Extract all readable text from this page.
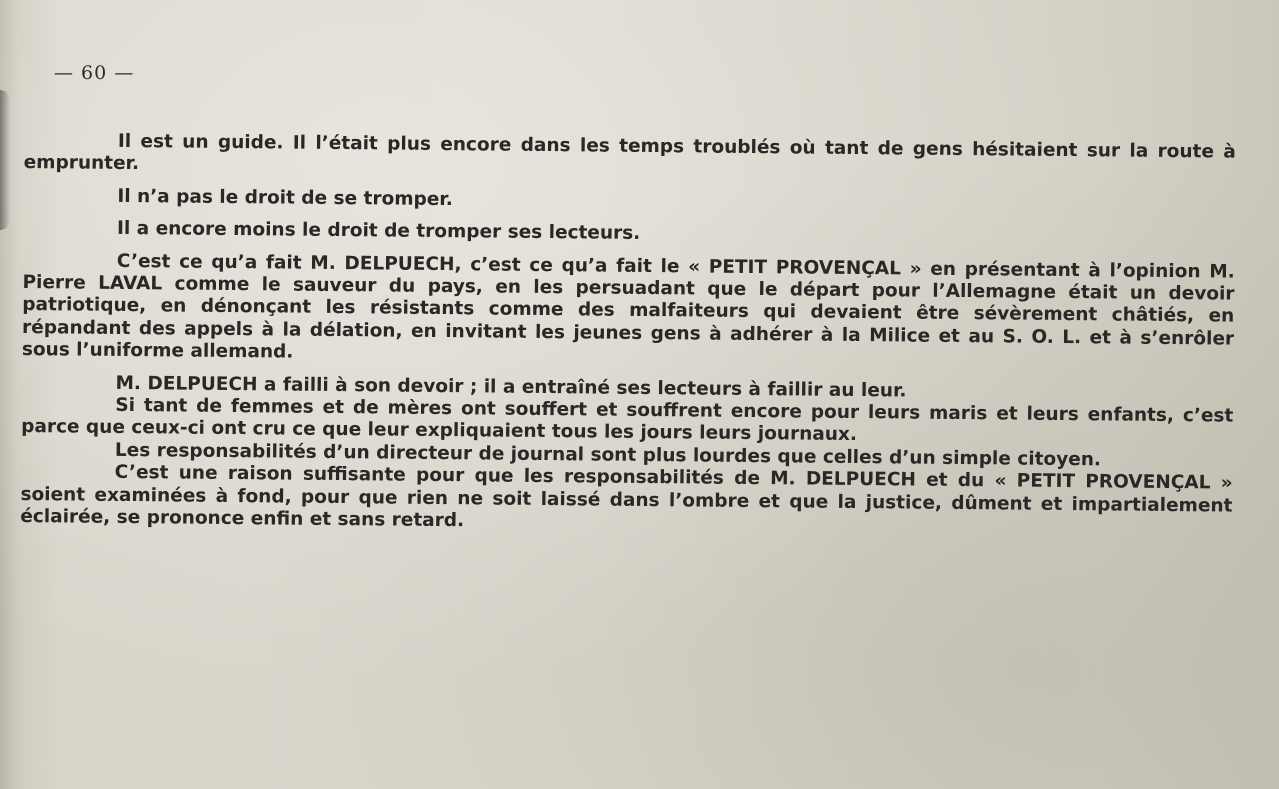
— 60 —

Il est un guide. Il l’était plus encore dans les temps troublés où tant de gens hésitaient sur la route à emprunter.

Il n’a pas le droit de se tromper.

Il a encore moins le droit de tromper ses lecteurs.

C’est ce qu’a fait M. DELPUECH, c’est ce qu’a fait le « PETIT PROVENÇAL » en présentant à l’opinion M. Pierre LAVAL comme le sauveur du pays, en les persuadant que le départ pour l’Allemagne était un devoir patriotique, en dénonçant les résistants comme des malfaiteurs qui devaient être sévèrement châtiés, en répandant des appels à la délation, en invitant les jeunes gens à adhérer à la Milice et au S. O. L. et à s’enrôler sous l’uniforme allemand.

M. DELPUECH a failli à son devoir ; il a entraîné ses lecteurs à faillir au leur.

Si tant de femmes et de mères ont souffert et souffrent encore pour leurs maris et leurs enfants, c’est parce que ceux-ci ont cru ce que leur expliquaient tous les jours leurs journaux.

Les responsabilités d’un directeur de journal sont plus lourdes que celles d’un simple citoyen.

C’est une raison suffisante pour que les responsabilités de M. DELPUECH et du « PETIT PROVENÇAL » soient examinées à fond, pour que rien ne soit laissé dans l’ombre et que la justice, dûment et impartialement éclairée, se prononce enfin et sans retard.
